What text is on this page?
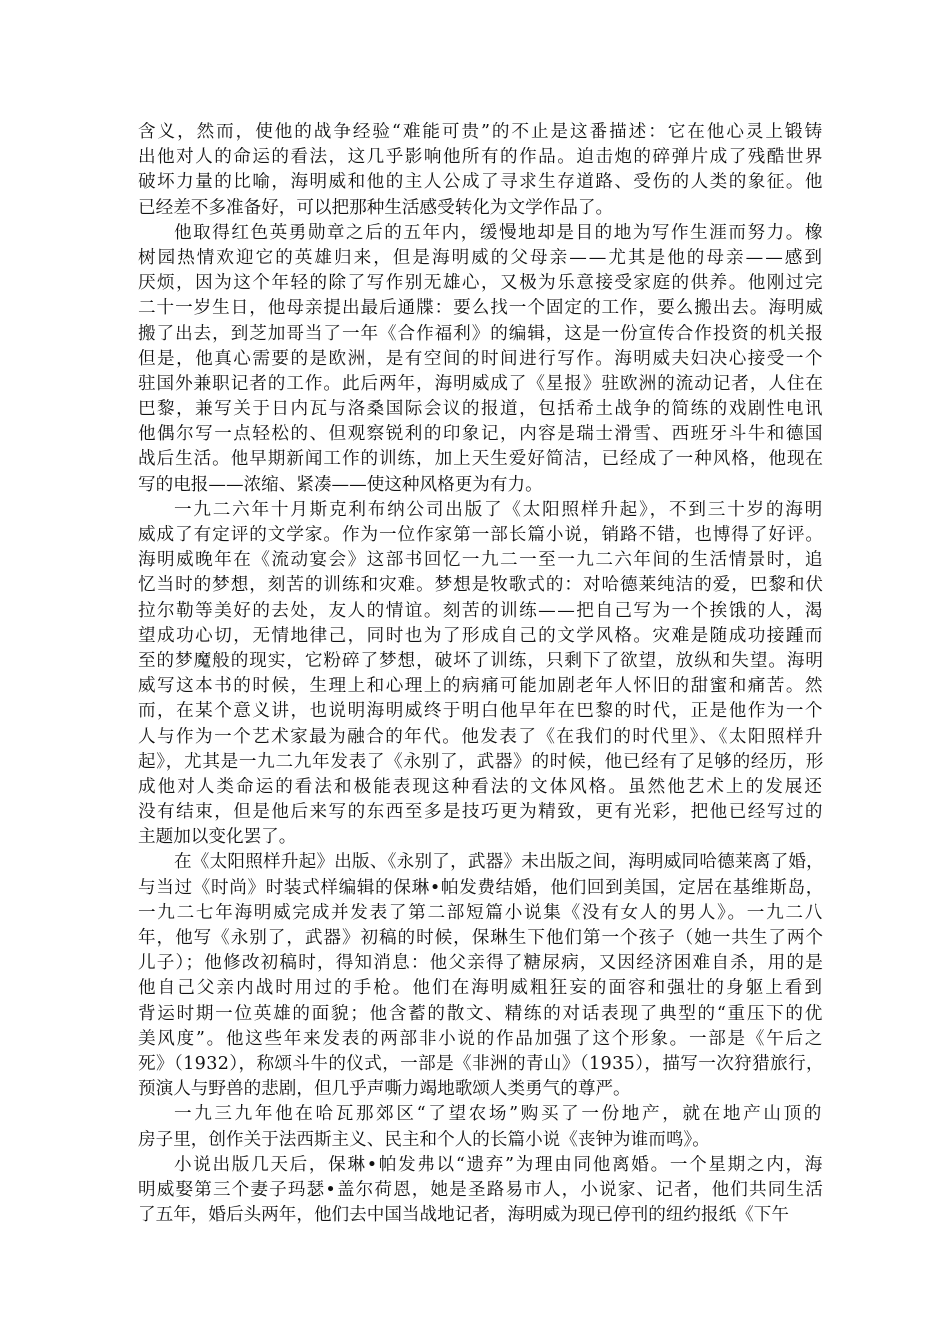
含义，然而，使他的战争经验“难能可贵”的不止是这番描述：它在他心灵上锻铸
出他对人的命运的看法，这几乎影响他所有的作品。迫击炮的碎弹片成了残酷世界
破坏力量的比喻，海明威和他的主人公成了寻求生存道路、受伤的人类的象征。他
已经差不多准备好，可以把那种生活感受转化为文学作品了。
他取得红色英勇勋章之后的五年内，缓慢地却是目的地为写作生涯而努力。橡
树园热情欢迎它的英雄归来，但是海明威的父母亲——尤其是他的母亲——感到
厌烦，因为这个年轻的除了写作别无雄心，又极为乐意接受家庭的供养。他刚过完
二十一岁生日，他母亲提出最后通牒：要么找一个固定的工作，要么搬出去。海明威
搬了出去，到芝加哥当了一年《合作福利》的编辑，这是一份宣传合作投资的机关报
但是，他真心需要的是欧洲，是有空间的时间进行写作。海明威夫妇决心接受一个
驻国外兼职记者的工作。此后两年，海明威成了《星报》驻欧洲的流动记者，人住在
巴黎，兼写关于日内瓦与洛桑国际会议的报道，包括希土战争的简练的戏剧性电讯
他偶尔写一点轻松的、但观察锐利的印象记，内容是瑞士滑雪、西班牙斗牛和德国
战后生活。他早期新闻工作的训练，加上天生爱好简洁，已经成了一种风格，他现在
写的电报——浓缩、紧凑——使这种风格更为有力。
一九二六年十月斯克利布纳公司出版了《太阳照样升起》，不到三十岁的海明
威成了有定评的文学家。作为一位作家第一部长篇小说，销路不错，也博得了好评。
海明威晚年在《流动宴会》这部书回忆一九二一至一九二六年间的生活情景时，追
忆当时的梦想，刻苦的训练和灾难。梦想是牧歌式的：对哈德莱纯洁的爱，巴黎和伏
拉尔勒等美好的去处，友人的情谊。刻苦的训练——把自己写为一个挨饿的人，渴
望成功心切，无情地律己，同时也为了形成自己的文学风格。灾难是随成功接踵而
至的梦魔般的现实，它粉碎了梦想，破坏了训练，只剩下了欲望，放纵和失望。海明
威写这本书的时候，生理上和心理上的病痛可能加剧老年人怀旧的甜蜜和痛苦。然
而，在某个意义讲，也说明海明威终于明白他早年在巴黎的时代，正是他作为一个
人与作为一个艺术家最为融合的年代。他发表了《在我们的时代里》、《太阳照样升
起》，尤其是一九二九年发表了《永别了，武器》的时候，他已经有了足够的经历，形
成他对人类命运的看法和极能表现这种看法的文体风格。虽然他艺术上的发展还
没有结束，但是他后来写的东西至多是技巧更为精致，更有光彩，把他已经写过的
主题加以变化罢了。
在《太阳照样升起》出版、《永别了，武器》未出版之间，海明威同哈德莱离了婚，
与当过《时尚》时装式样编辑的保琳•帕发费结婚，他们回到美国，定居在基维斯岛，
一九二七年海明威完成并发表了第二部短篇小说集《没有女人的男人》。一九二八
年，他写《永别了，武器》初稿的时候，保琳生下他们第一个孩子（她一共生了两个
儿子）；他修改初稿时，得知消息：他父亲得了糖尿病，又因经济困难自杀，用的是
他自己父亲内战时用过的手枪。他们在海明威粗狂妄的面容和强壮的身躯上看到
背运时期一位英雄的面貌；他含蓄的散文、精练的对话表现了典型的“重压下的优
美风度”。他这些年来发表的两部非小说的作品加强了这个形象。一部是《午后之
死》（1932），称颂斗牛的仪式，一部是《非洲的青山》（1935），描写一次狩猎旅行，
预演人与野兽的悲剧，但几乎声嘶力竭地歌颂人类勇气的尊严。
一九三九年他在哈瓦那郊区“了望农场”购买了一份地产，就在地产山顶的
房子里，创作关于法西斯主义、民主和个人的长篇小说《丧钟为谁而鸣》。
小说出版几天后，保琳•帕发弗以“遗弃”为理由同他离婚。一个星期之内，海
明威娶第三个妻子玛瑟•盖尔荷恩，她是圣路易市人，小说家、记者，他们共同生活
了五年，婚后头两年，他们去中国当战地记者，海明威为现已停刊的纽约报纸《下午
